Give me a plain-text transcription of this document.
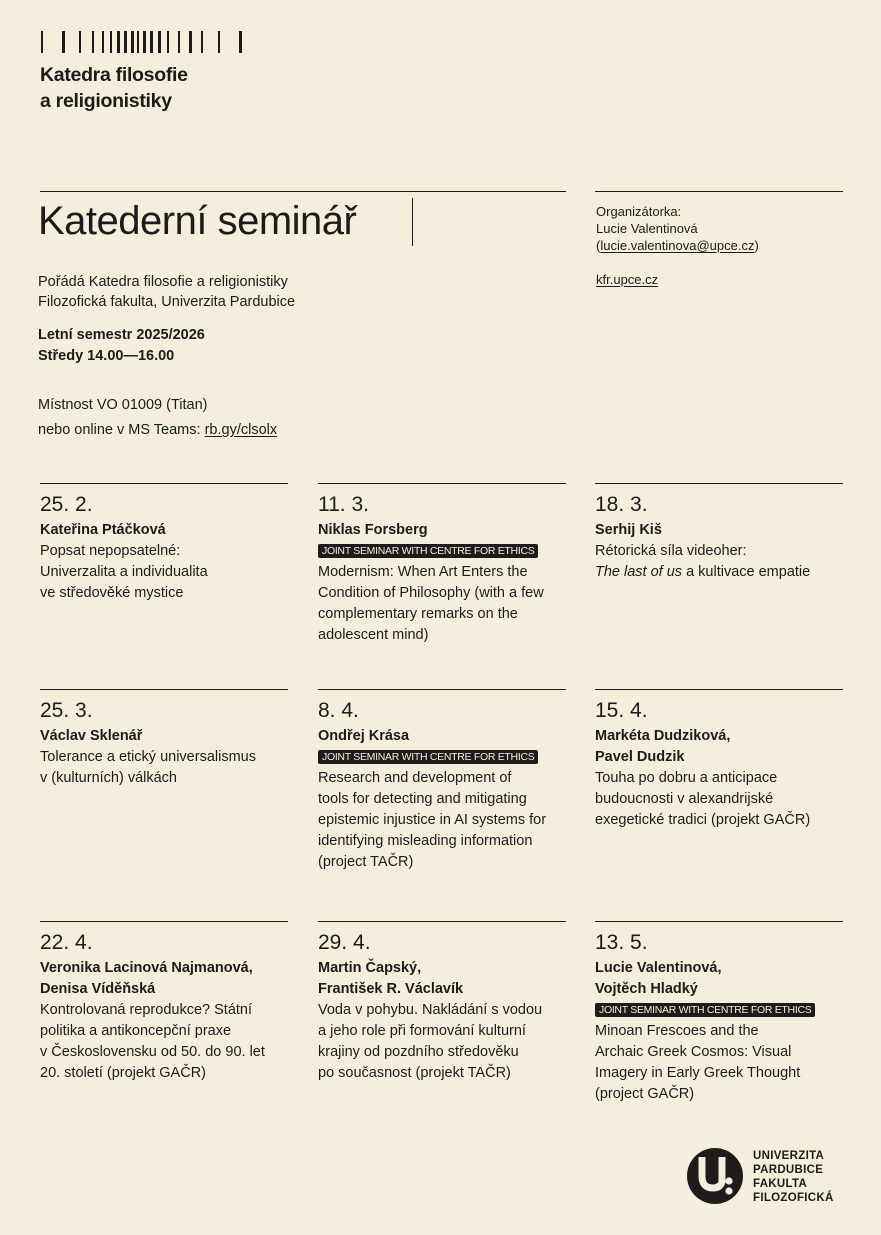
Katedra filosofie
a religionistiky
Katederní seminář	Organizátorka:
Lucie Valentinová
(lucie.valentinova@upce.cz)
kfr.upce.cz
Pořádá Katedra filosofie a religionistiky
Filozofická fakulta, Univerzita Pardubice
Letní semestr 2025/2026
Středy 14.00—16.00
Místnost VO 01009 (Titan)
nebo online v MS Teams: rb.gy/clsolx
25. 2.
Kateřina Ptáčková
Popsat nepopsatelné:
Univerzalita a individualita
ve středověké mystice
11. 3.
Niklas Forsberg
JOINT SEMINAR WITH CENTRE FOR ETHICS
Modernism: When Art Enters the
Condition of Philosophy (with a few
complementary remarks on the
adolescent mind)
18. 3.
Serhij Kiš
Rétorická síla videoher:
The last of us a kultivace empatie
25. 3.
Václav Sklenář
Tolerance a etický universalismus
v (kulturních) válkách
8. 4.
Ondřej Krása
JOINT SEMINAR WITH CENTRE FOR ETHICS
Research and development of
tools for detecting and mitigating
epistemic injustice in AI systems for
identifying misleading information
(project TAČR)
15. 4.
Markéta Dudziková,
Pavel Dudzik
Touha po dobru a anticipace
budoucnosti v alexandrijské
exegetické tradici (projekt GAČR)
22. 4.
Veronika Lacinová Najmanová,
Denisa Víděňská
Kontrolovaná reprodukce? Státní
politika a antikoncepční praxe
v Československu od 50. do 90. let
20. století (projekt GAČR)
29. 4.
Martin Čapský,
František R. Václavík
Voda v pohybu. Nakládání s vodou
a jeho role při formování kulturní
krajiny od pozdního středověku
po současnost (projekt TAČR)
13. 5.
Lucie Valentinová,
Vojtěch Hladký
JOINT SEMINAR WITH CENTRE FOR ETHICS
Minoan Frescoes and the
Archaic Greek Cosmos: Visual
Imagery in Early Greek Thought
(project GAČR)
UNIVERZITA
PARDUBICE
FAKULTA
FILOZOFICKÁ
